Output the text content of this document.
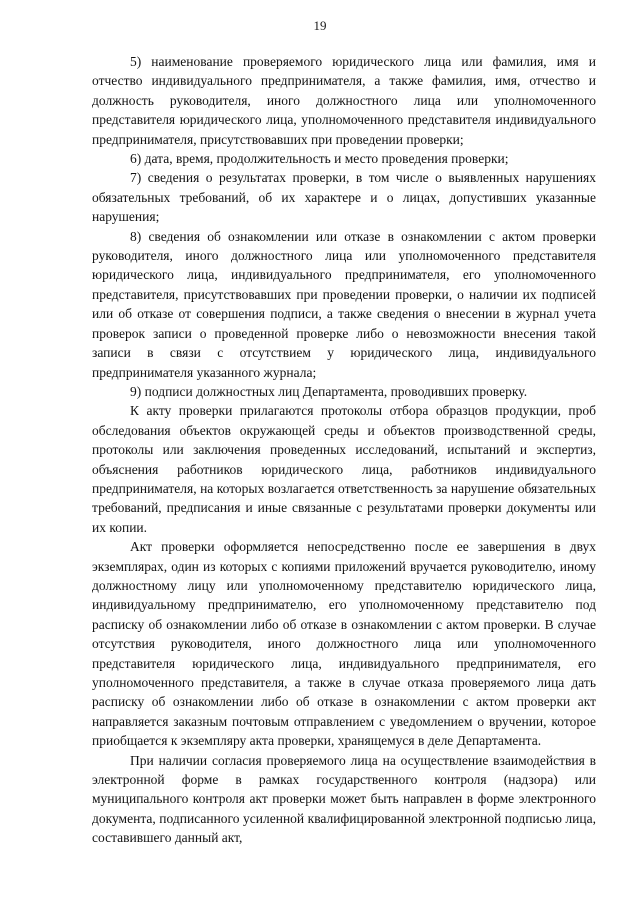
19

5) наименование проверяемого юридического лица или фамилия, имя и отчество индивидуального предпринимателя, а также фамилия, имя, отчество и должность руководителя, иного должностного лица или уполномоченного представителя юридического лица, уполномоченного представителя индивидуального предпринимателя, присутствовавших при проведении проверки;

6) дата, время, продолжительность и место проведения проверки;

7) сведения о результатах проверки, в том числе о выявленных нарушениях обязательных требований, об их характере и о лицах, допустивших указанные нарушения;

8) сведения об ознакомлении или отказе в ознакомлении с актом проверки руководителя, иного должностного лица или уполномоченного представителя юридического лица, индивидуального предпринимателя, его уполномоченного представителя, присутствовавших при проведении проверки, о наличии их подписей или об отказе от совершения подписи, а также сведения о внесении в журнал учета проверок записи о проведенной проверке либо о невозможности внесения такой записи в связи с отсутствием у юридического лица, индивидуального предпринимателя указанного журнала;

9) подписи должностных лиц Департамента, проводивших проверку.

К акту проверки прилагаются протоколы отбора образцов продукции, проб обследования объектов окружающей среды и объектов производственной среды, протоколы или заключения проведенных исследований, испытаний и экспертиз, объяснения работников юридического лица, работников индивидуального предпринимателя, на которых возлагается ответственность за нарушение обязательных требований, предписания и иные связанные с результатами проверки документы или их копии.

Акт проверки оформляется непосредственно после ее завершения в двух экземплярах, один из которых с копиями приложений вручается руководителю, иному должностному лицу или уполномоченному представителю юридического лица, индивидуальному предпринимателю, его уполномоченному представителю под расписку об ознакомлении либо об отказе в ознакомлении с актом проверки. В случае отсутствия руководителя, иного должностного лица или уполномоченного представителя юридического лица, индивидуального предпринимателя, его уполномоченного представителя, а также в случае отказа проверяемого лица дать расписку об ознакомлении либо об отказе в ознакомлении с актом проверки акт направляется заказным почтовым отправлением с уведомлением о вручении, которое приобщается к экземпляру акта проверки, хранящемуся в деле Департамента.

При наличии согласия проверяемого лица на осуществление взаимодействия в электронной форме в рамках государственного контроля (надзора) или муниципального контроля акт проверки может быть направлен в форме электронного документа, подписанного усиленной квалифицированной электронной подписью лица, составившего данный акт,
